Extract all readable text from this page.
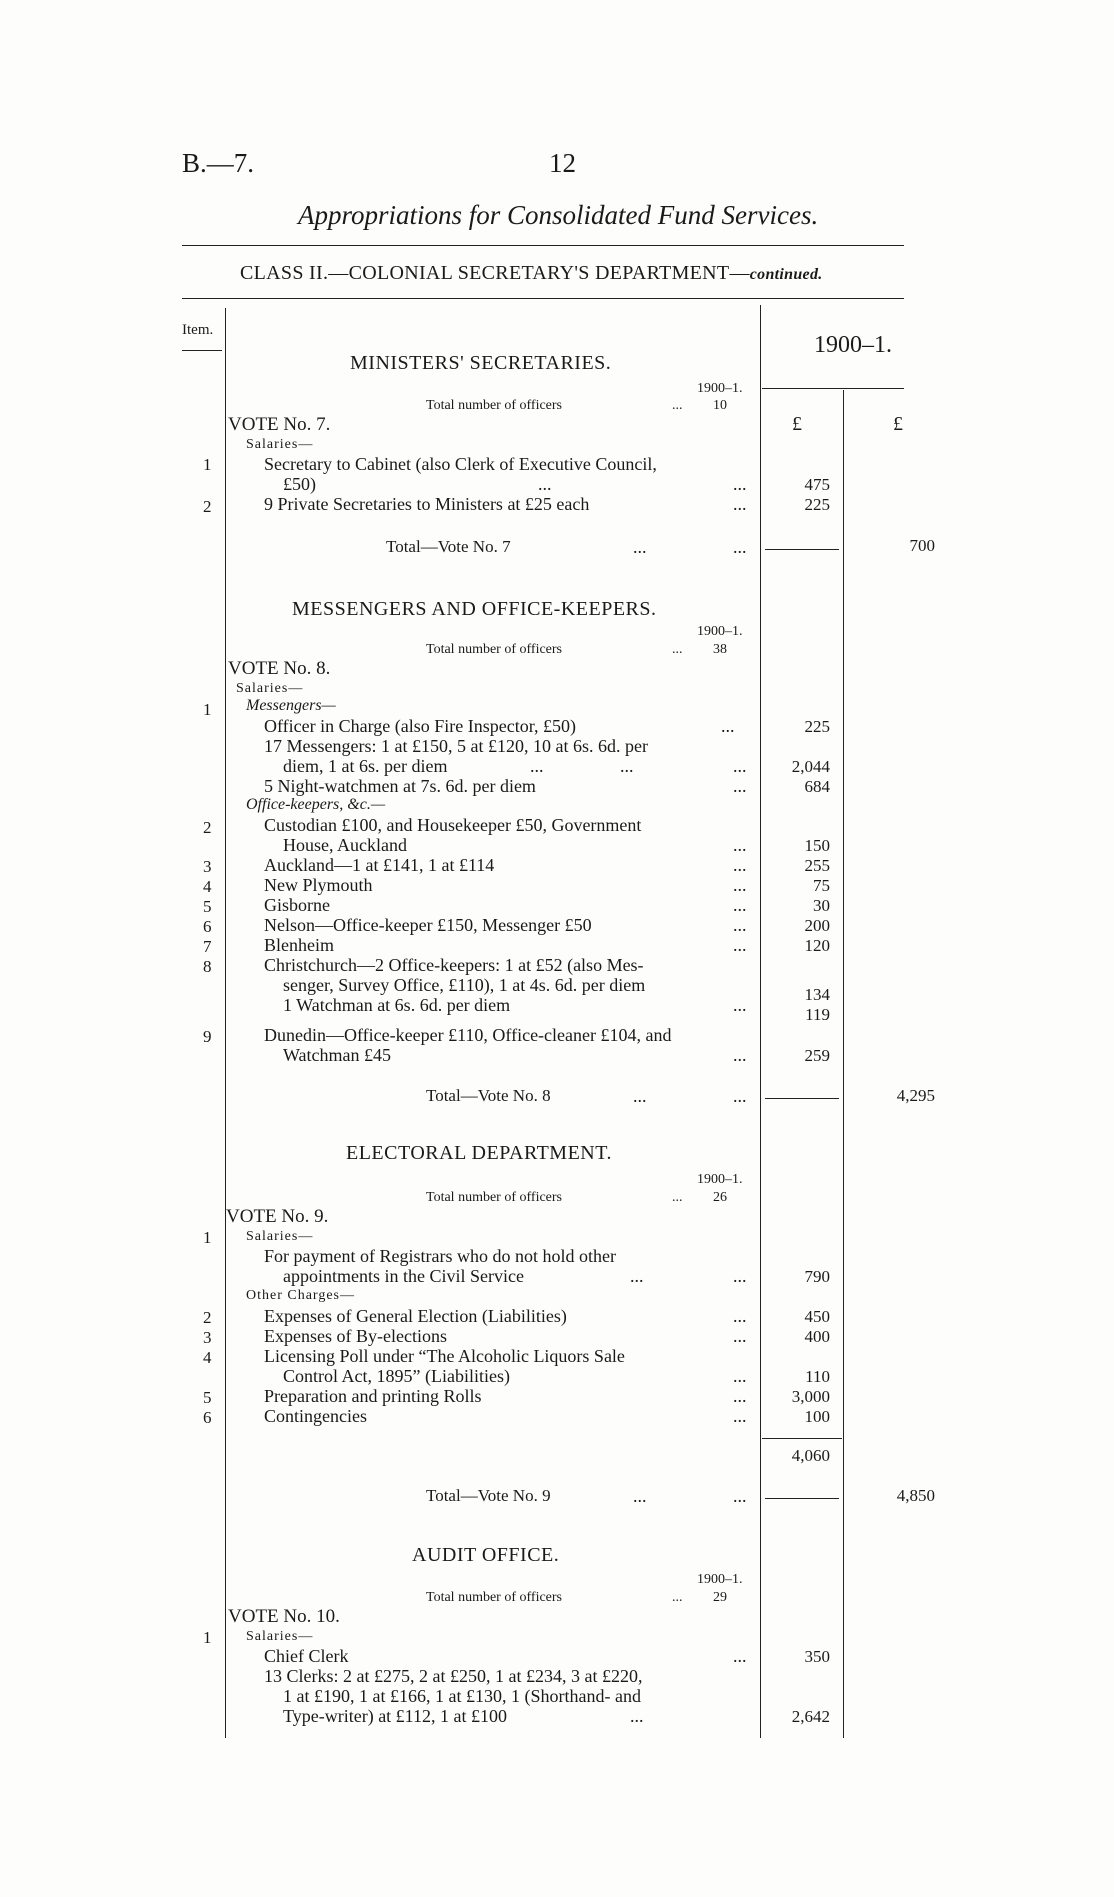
B.—7.	12
Appropriations for Consolidated Fund Services.
CLASS II.—COLONIAL SECRETARY'S DEPARTMENT—continued.
Item.
1900–1.
£	£
MINISTERS' SECRETARIES.
1900–1.
Total number of officers	... 10
VOTE No. 7.
Salaries—
1	Secretary to Cabinet (also Clerk of Executive Council,
£50)	...	...	475
2	9 Private Secretaries to Ministers at £25 each	...	225
Total—Vote No. 7	...	...	700
MESSENGERS AND OFFICE-KEEPERS.
1900–1.
Total number of officers	... 38
VOTE No. 8.
Salaries—
1 Messengers—
Officer in Charge (also Fire Inspector, £50)	...	225
17 Messengers: 1 at £150, 5 at £120, 10 at 6s. 6d. per
diem, 1 at 6s. per diem	...	...	...	2,044
5 Night-watchmen at 7s. 6d. per diem	...	684
Office-keepers, &c.—
2	Custodian £100, and Housekeeper £50, Government
House, Auckland	...	150
3	Auckland—1 at £141, 1 at £114	...	255
4	New Plymouth	...	75
5	Gisborne	...	30
6	Nelson—Office-keeper £150, Messenger £50	...	200
7	Blenheim	...	120
8	Christchurch—2 Office-keepers: 1 at £52 (also Mes-
senger, Survey Office, £110), 1 at 4s. 6d. per diem	134
1 Watchman at 6s. 6d. per diem	...	119
9	Dunedin—Office-keeper £110, Office-cleaner £104, and
Watchman £45	...	259
Total—Vote No. 8	...	...	4,295
ELECTORAL DEPARTMENT.
1900–1.
Total number of officers	... 26
VOTE No. 9.
1 Salaries—
For payment of Registrars who do not hold other
appointments in the Civil Service	...	...	790
Other Charges—
2	Expenses of General Election (Liabilities)	...	450
3	Expenses of By-elections	...	400
4	Licensing Poll under “The Alcoholic Liquors Sale
Control Act, 1895” (Liabilities)	...	110
5	Preparation and printing Rolls	...	3,000
6	Contingencies	...	100
4,060
Total—Vote No. 9	...	...	4,850
AUDIT OFFICE.
1900–1.
Total number of officers	... 29
VOTE No. 10.
1 Salaries—
Chief Clerk	...	350
13 Clerks: 2 at £275, 2 at £250, 1 at £234, 3 at £220,
1 at £190, 1 at £166, 1 at £130, 1 (Shorthand- and
Type-writer) at £112, 1 at £100	...	2,642
